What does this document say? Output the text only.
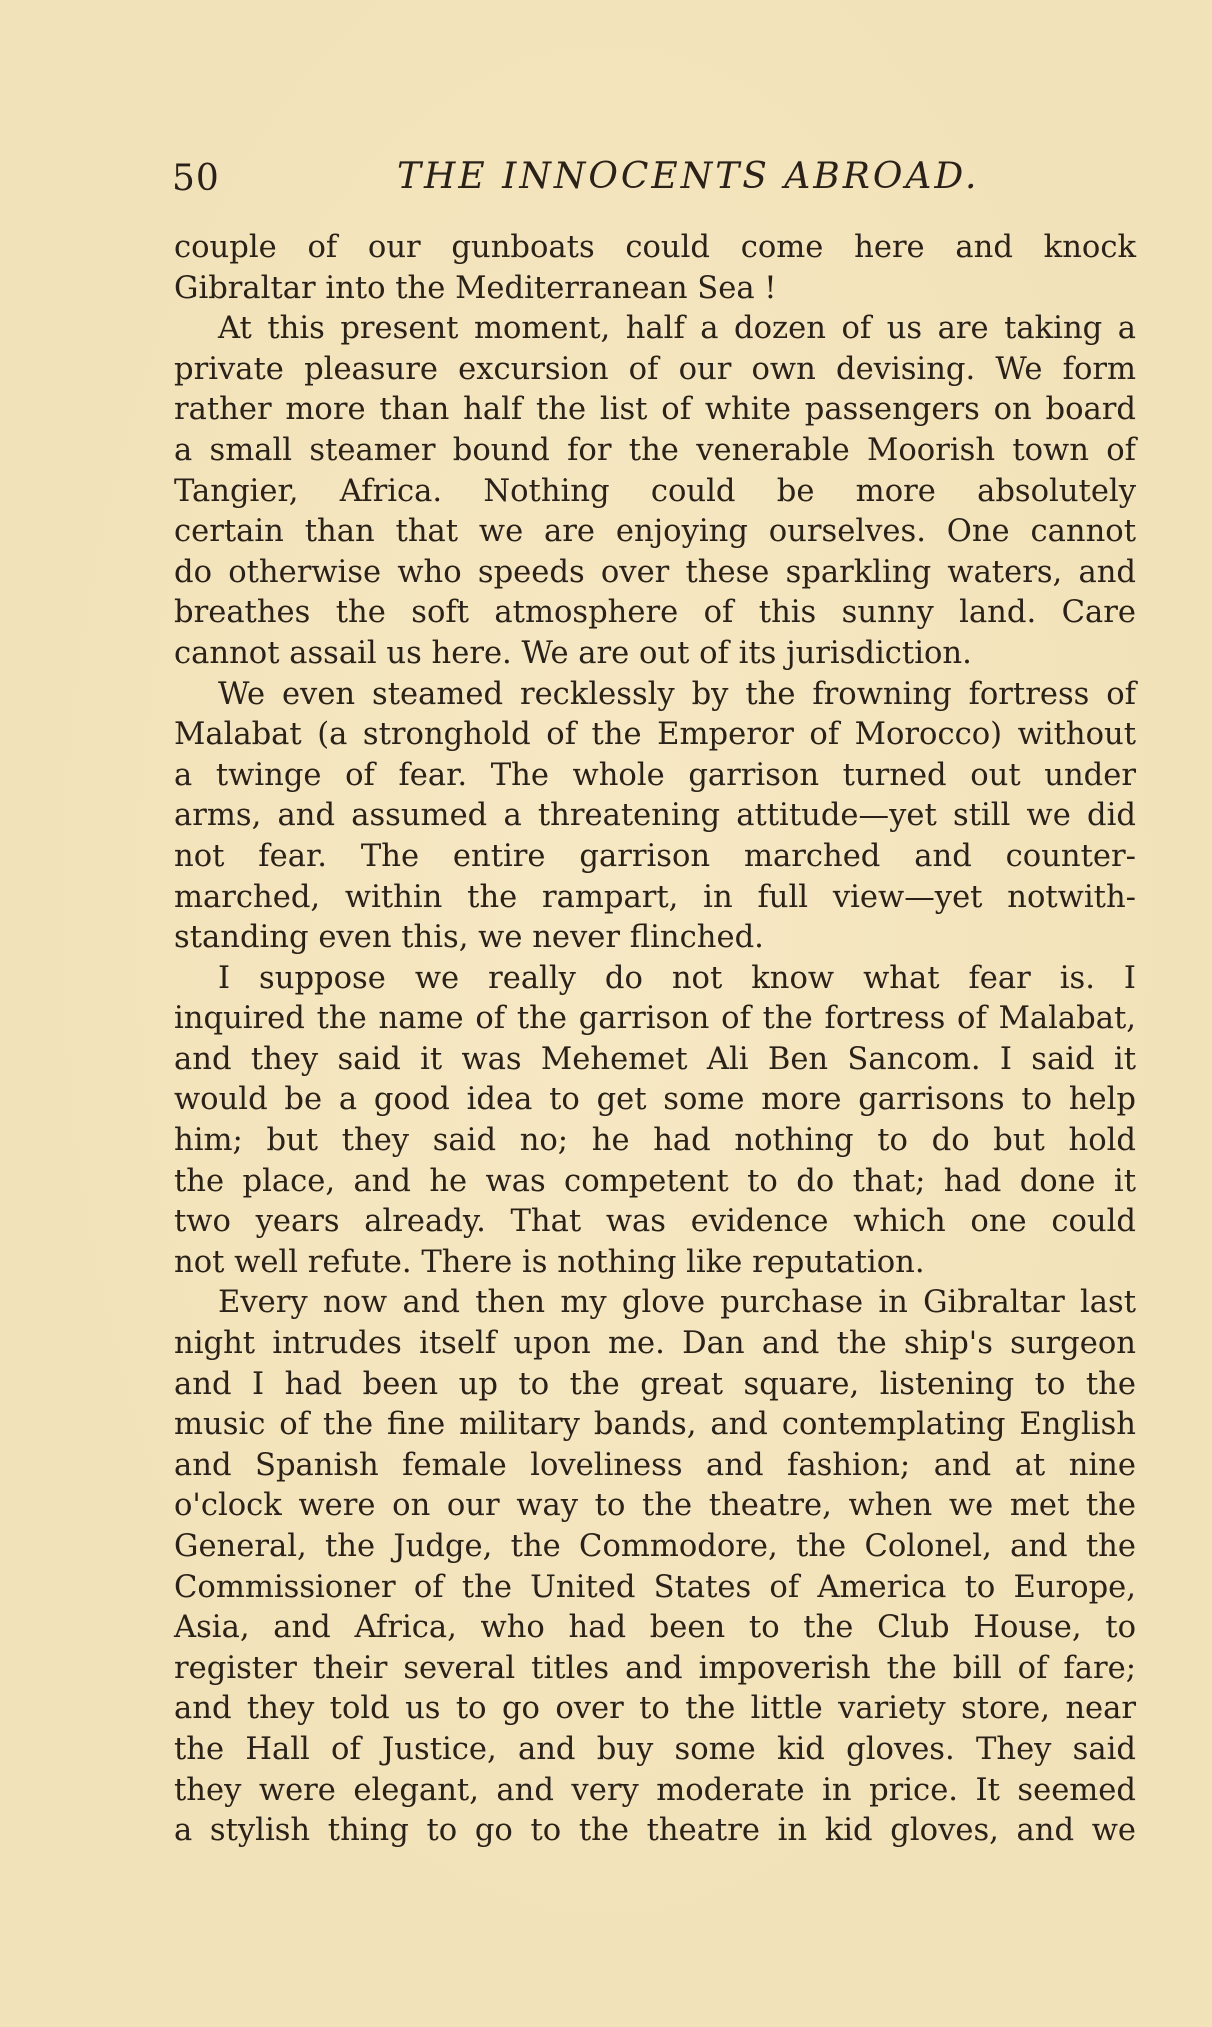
50	THE INNOCENTS ABROAD.
couple of our gunboats could come here and knock
Gibraltar into the Mediterranean Sea !
At this present moment, half a dozen of us are taking a
private pleasure excursion of our own devising. We form
rather more than half the list of white passengers on board
a small steamer bound for the venerable Moorish town of
Tangier, Africa. Nothing could be more absolutely
certain than that we are enjoying ourselves. One cannot
do otherwise who speeds over these sparkling waters, and
breathes the soft atmosphere of this sunny land. Care
cannot assail us here. We are out of its jurisdiction.
We even steamed recklessly by the frowning fortress of
Malabat (a stronghold of the Emperor of Morocco) without
a twinge of fear. The whole garrison turned out under
arms, and assumed a threatening attitude—yet still we did
not fear. The entire garrison marched and counter-
marched, within the rampart, in full view—yet notwith-
standing even this, we never flinched.
I suppose we really do not know what fear is. I
inquired the name of the garrison of the fortress of Malabat,
and they said it was Mehemet Ali Ben Sancom. I said it
would be a good idea to get some more garrisons to help
him; but they said no; he had nothing to do but hold
the place, and he was competent to do that; had done it
two years already. That was evidence which one could
not well refute. There is nothing like reputation.
Every now and then my glove purchase in Gibraltar last
night intrudes itself upon me. Dan and the ship's surgeon
and I had been up to the great square, listening to the
music of the fine military bands, and contemplating English
and Spanish female loveliness and fashion; and at nine
o'clock were on our way to the theatre, when we met the
General, the Judge, the Commodore, the Colonel, and the
Commissioner of the United States of America to Europe,
Asia, and Africa, who had been to the Club House, to
register their several titles and impoverish the bill of fare;
and they told us to go over to the little variety store, near
the Hall of Justice, and buy some kid gloves. They said
they were elegant, and very moderate in price. It seemed
a stylish thing to go to the theatre in kid gloves, and we
